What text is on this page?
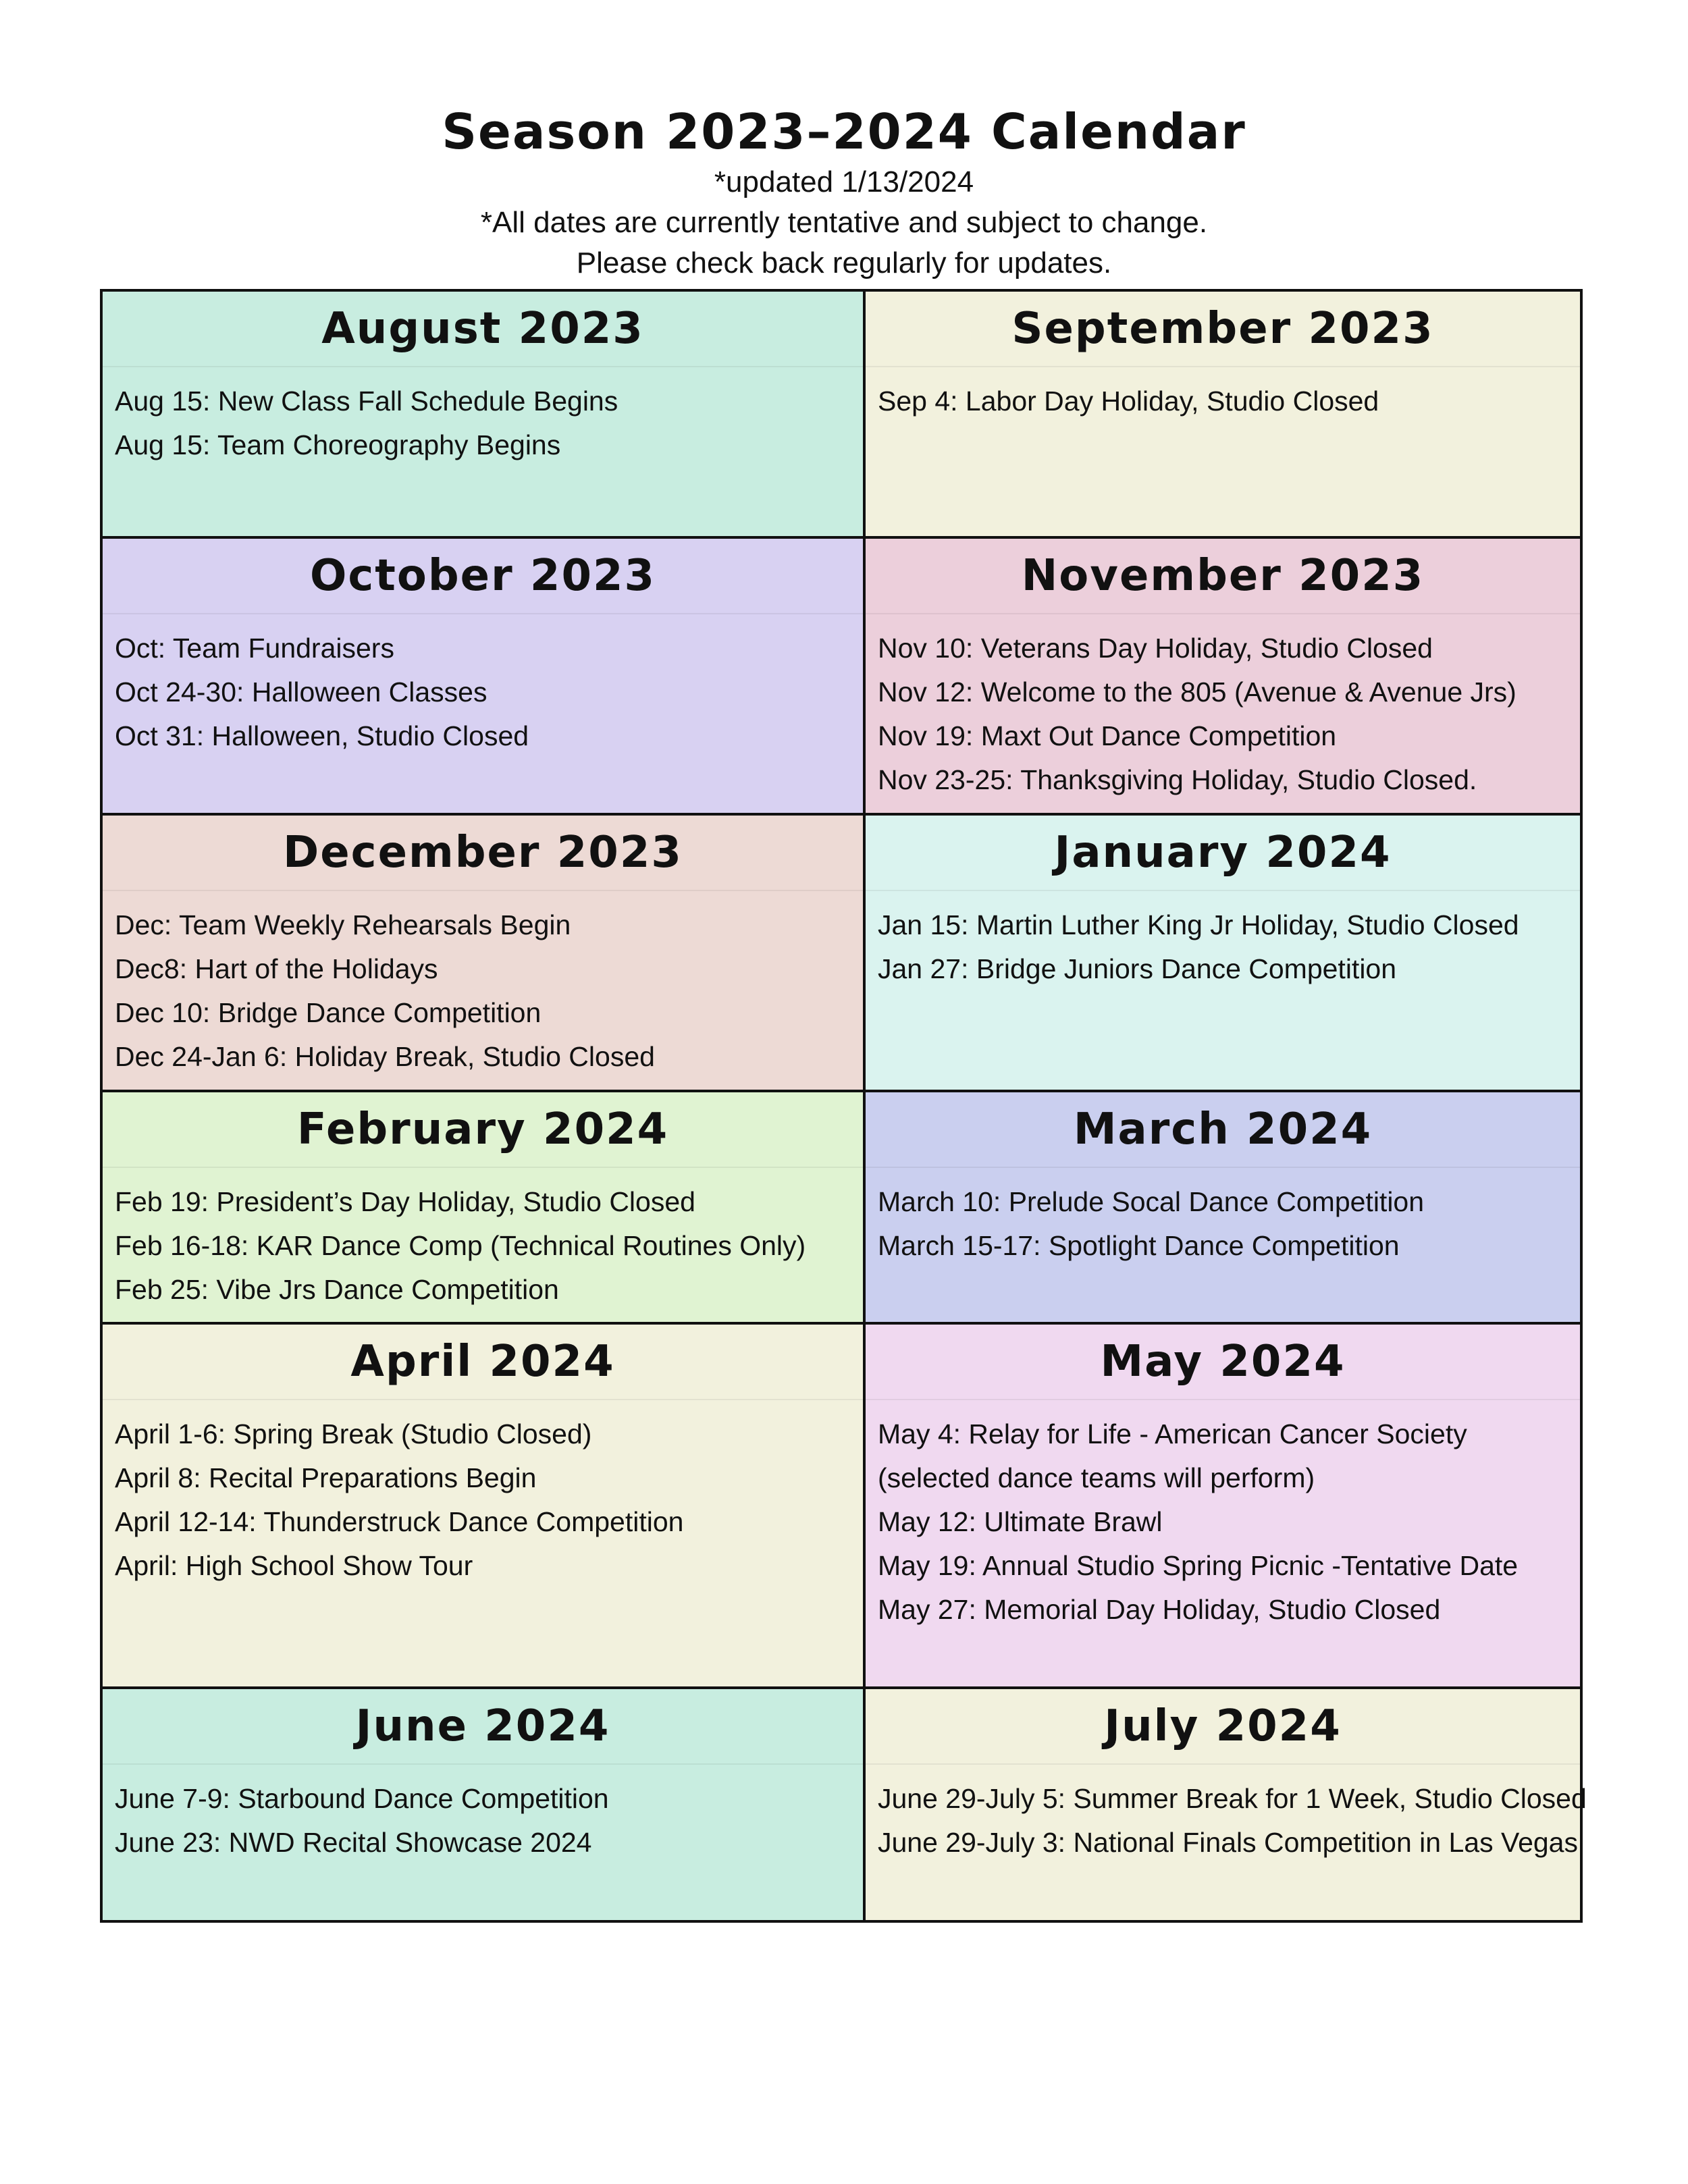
Season 2023–2024 Calendar
*updated 1/13/2024
*All dates are currently tentative and subject to change.
Please check back regularly for updates.
August 2023
Aug 15: New Class Fall Schedule Begins
Aug 15: Team Choreography Begins
September 2023
Sep 4: Labor Day Holiday, Studio Closed
October 2023
Oct: Team Fundraisers
Oct 24-30: Halloween Classes
Oct 31: Halloween, Studio Closed
November 2023
Nov 10: Veterans Day Holiday, Studio Closed
Nov 12: Welcome to the 805 (Avenue & Avenue Jrs)
Nov 19: Maxt Out Dance Competition
Nov 23-25: Thanksgiving Holiday, Studio Closed.
December 2023
Dec: Team Weekly Rehearsals Begin
Dec8: Hart of the Holidays
Dec 10: Bridge Dance Competition
Dec 24-Jan 6: Holiday Break, Studio Closed
January 2024
Jan 15: Martin Luther King Jr Holiday, Studio Closed
Jan 27: Bridge Juniors Dance Competition
February 2024
Feb 19: President’s Day Holiday, Studio Closed
Feb 16-18: KAR Dance Comp (Technical Routines Only)
Feb 25: Vibe Jrs Dance Competition
March 2024
March 10: Prelude Socal Dance Competition
March 15-17: Spotlight Dance Competition
April 2024
April 1-6: Spring Break (Studio Closed)
April 8: Recital Preparations Begin
April 12-14: Thunderstruck Dance Competition
April: High School Show Tour
May 2024
May 4: Relay for Life - American Cancer Society
(selected dance teams will perform)
May 12: Ultimate Brawl
May 19: Annual Studio Spring Picnic -Tentative Date
May 27: Memorial Day Holiday, Studio Closed
June 2024
June 7-9: Starbound Dance Competition
June 23: NWD Recital Showcase 2024
July 2024
June 29-July 5: Summer Break for 1 Week, Studio Closed
June 29-July 3: National Finals Competition in Las Vegas
